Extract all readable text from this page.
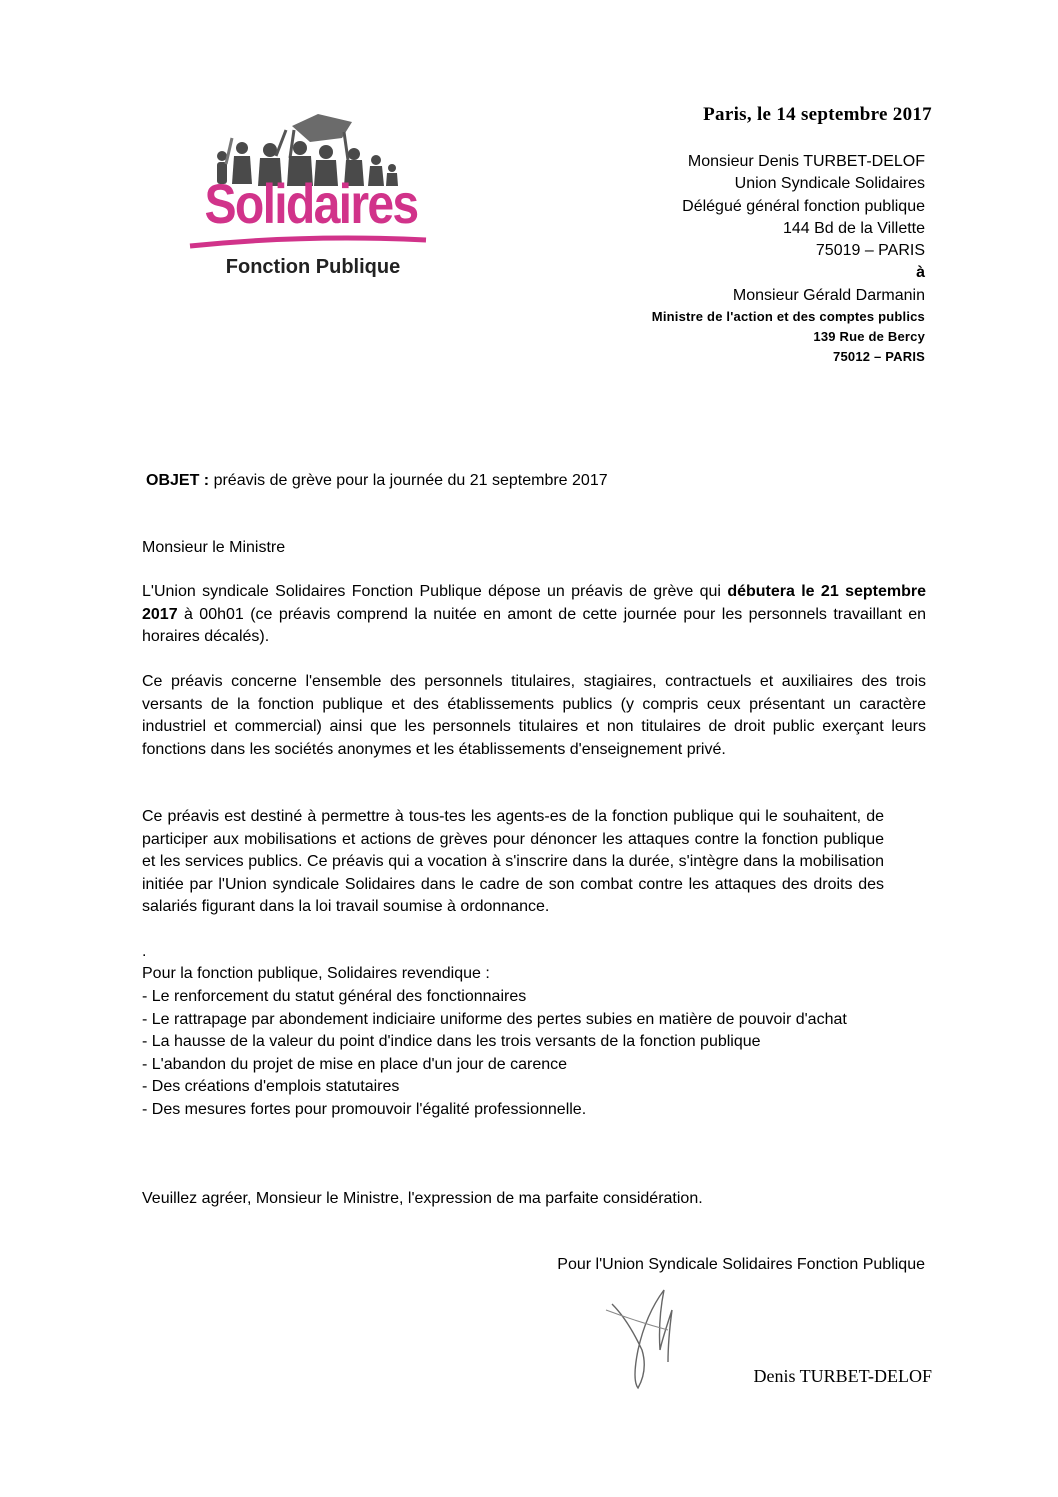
Solidaires
Fonction Publique
Paris, le 14 septembre 2017
Monsieur Denis TURBET-DELOF
Union Syndicale Solidaires
Délégué général fonction publique
144 Bd de la Villette
75019 – PARIS
à
Monsieur Gérald Darmanin
Ministre de l'action et des comptes publics
139 Rue de Bercy
75012 – PARIS
OBJET : préavis de grève pour la journée du 21 septembre 2017
Monsieur le Ministre
L'Union syndicale Solidaires Fonction Publique dépose un préavis de grève qui débutera le 21 septembre 2017 à 00h01 (ce préavis comprend la nuitée en amont de cette journée pour les personnels travaillant en horaires décalés).
Ce préavis concerne l'ensemble des personnels titulaires, stagiaires, contractuels et auxiliaires des trois versants de la fonction publique et des établissements publics (y compris ceux présentant un caractère industriel et commercial) ainsi que les personnels titulaires et non titulaires de droit public exerçant leurs fonctions dans les sociétés anonymes et les établissements d'enseignement privé.
Ce préavis est destiné à permettre à tous-tes les agents-es de la fonction publique qui le souhaitent, de participer aux mobilisations et actions de grèves pour dénoncer les attaques contre la fonction publique et les services publics. Ce préavis qui a vocation à s'inscrire dans la durée, s'intègre dans la mobilisation initiée par l'Union syndicale Solidaires dans le cadre de son combat contre les attaques des droits des salariés figurant dans la loi travail soumise à ordonnance.
.
Pour la fonction publique, Solidaires revendique :
- Le renforcement du statut général des fonctionnaires
- Le rattrapage par abondement indiciaire uniforme des pertes subies en matière de pouvoir d'achat
- La hausse de la valeur du point d'indice dans les trois versants de la fonction publique
- L'abandon du projet de mise en place d'un jour de carence
- Des créations d'emplois statutaires
- Des mesures fortes pour promouvoir l'égalité professionnelle.
Veuillez agréer, Monsieur le Ministre, l'expression de ma parfaite considération.
Pour l'Union Syndicale Solidaires Fonction Publique
Denis TURBET-DELOF
